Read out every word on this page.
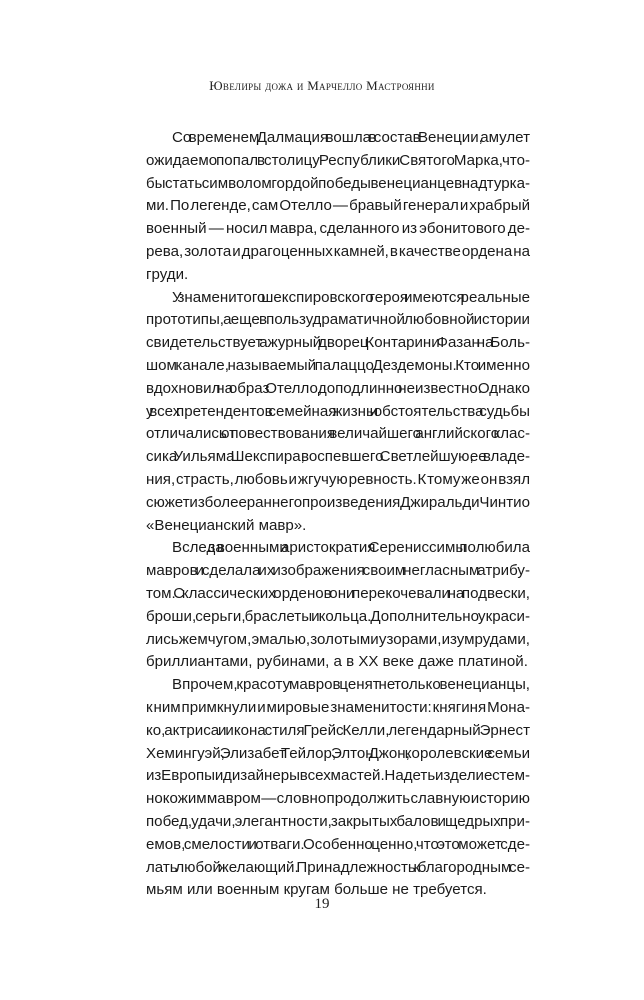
Ювелиры дожа и Марчелло Мастроянни
Со временем Далмация вошла в состав Венеции, амулет
ожидаемо попал в столицу Республики Святого Марка, что-
бы стать символом гордой победы венецианцев над турка-
ми. По легенде, сам Отелло — бравый генерал и храбрый
военный — носил мавра, сделанного из эбонитового де-
рева, золота и драгоценных камней, в качестве ордена на
груди.
У знаменитого шекспировского героя имеются реальные
прототипы, а еще в пользу драматичной любовной истории
свидетельствует ажурный дворец Контарини Фазан на Боль-
шом канале, называемый палаццо Дездемоны. Кто именно
вдохновил на образ Отелло, доподлинно неизвестно. Однако
у всех претендентов семейная жизнь и обстоятельства судьбы
отличались от повествования величайшего английского клас-
сика Уильяма Шекспира, воспевшего Светлейшую, ее владе-
ния, страсть, любовь и жгучую ревность. К тому же он взял
сюжет из более раннего произведения Джиральди Чинтио
«Венецианский мавр».
Вслед за военными аристократия Серениссимы полюбила
мавров и сделала их изображения своим негласным атрибу-
том. С классических орденов они перекочевали на подвески,
броши, серьги, браслеты и кольца. Дополнительно украси-
лись жемчугом, эмалью, золотыми узорами, изумрудами,
бриллиантами, рубинами, а в XX веке даже платиной.
Впрочем, красоту мавров ценят не только венецианцы,
к ним примкнули и мировые знаменитости: княгиня Мона-
ко, актриса и икона стиля Грейс Келли, легендарный Эрнест
Хемингуэй, Элизабет Тейлор, Элтон Джон, королевские семьи
из Европы и дизайнеры всех мастей. Надеть изделие с тем-
нокожим мавром — словно продолжить славную историю
побед, удачи, элегантности, закрытых балов и щедрых при-
емов, смелости и отваги. Особенно ценно, что это может сде-
лать любой желающий. Принадлежность к благородным се-
мьям или военным кругам больше не требуется.
19
